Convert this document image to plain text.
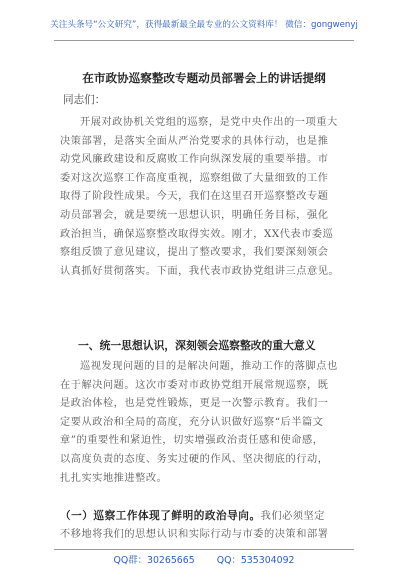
关注头条号“公文研究”，获得最新最全最专业的公文资料库！ 微信：gongwenyj
在市政协巡察整改专题动员部署会上的讲话提纲
同志们：
开展对政协机关党组的巡察，是党中央作出的一项重大
决策部署，是落实全面从严治党要求的具体行动，也是推
动党风廉政建设和反腐败工作向纵深发展的重要举措。市
委对这次巡察工作高度重视，巡察组做了大量细致的工作
取得了阶段性成果。今天，我们在这里召开巡察整改专题
动员部署会，就是要统一思想认识，明确任务目标，强化
政治担当，确保巡察整改取得实效。刚才，XX代表市委巡
察组反馈了意见建议，提出了整改要求，我们要深刻领会
认真抓好贯彻落实。下面，我代表市政协党组讲三点意见。
一、统一思想认识，深刻领会巡察整改的重大意义
巡视发现问题的目的是解决问题，推动工作的落脚点也
在于解决问题。这次市委对市政协党组开展常规巡察，既
是政治体检，也是党性锻炼，更是一次警示教育。我们一
定要从政治和全局的高度，充分认识做好巡察“后半篇文
章”的重要性和紧迫性，切实增强政治责任感和使命感，
以高度负责的态度、务实过硬的作风、坚决彻底的行动，
扎扎实实地推进整改。
（一）巡察工作体现了鲜明的政治导向。我们必须坚定
不移地将我们的思想认识和实际行动与市委的决策和部署
QQ群：30265665 QQ：535304092
